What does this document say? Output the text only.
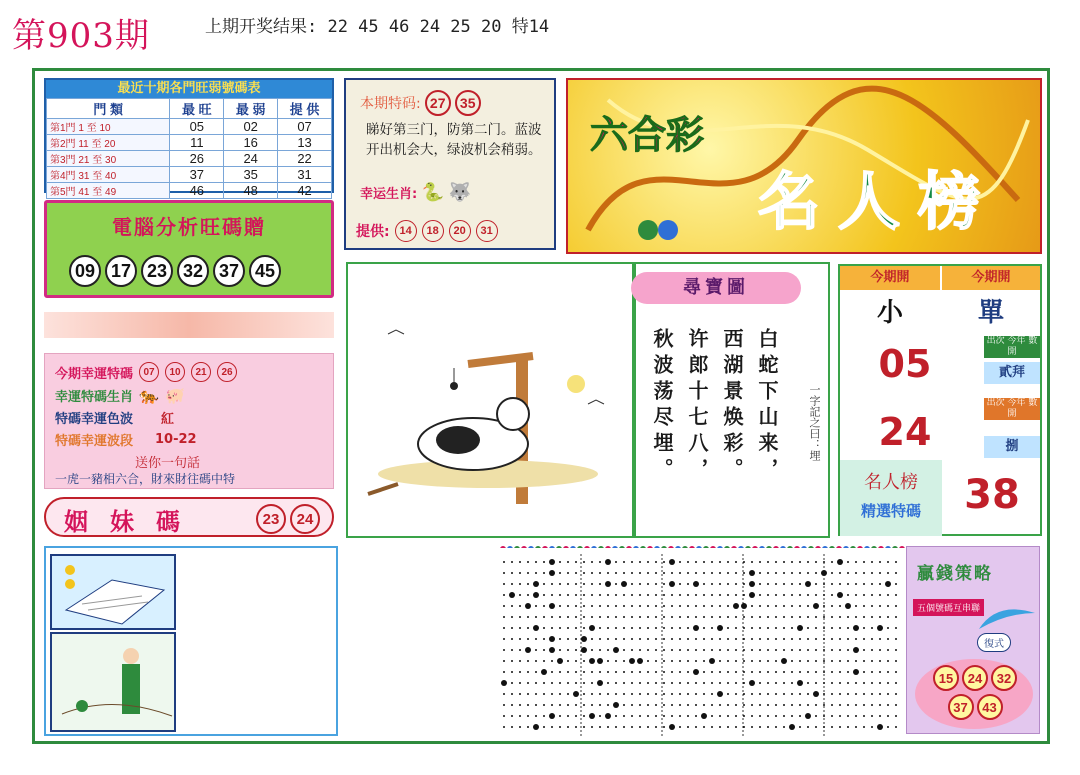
第903期	上期开奖结果: 22 45 46 24 25 20 特14
最近十期各門旺弱號碼表
門 類	最 旺	最 弱	提 供
第1門 1 至 10	05	02	07
第2門 11 至 20	11	16	13
第3門 21 至 30	26	24	22
第4門 31 至 40	37	35	31
第5門 41 至 49	46	48	42
電腦分析旺碼贈
09 17 23 32 37 45
今期幸運特碼	07	10	21	26
幸運特碼生肖 🐅 🐖
特碼幸運色波 紅
特碼幸運波段 10-22
送你一句話
一虎一豬相六合，財來財往碼中特
姻妹碼	23	24
本期特码: 27	35
睇好第三门，防第二门。蓝波开出机会大，绿波机会稍弱。
幸运生肖: 🐍 🐺
提供: 14	18	20	31
六合彩
名人榜
尋寶圖
白蛇下山来，
西湖景焕彩。
许郎十七八，
秋波荡尽埋。	一字記之曰：埋
今期開	今期開
小	單
05
出次 今年 數 開
貳拜
24
出次 今年 數 開
捌
名人榜
精選特碼	38
贏錢策略
五個號碼互串聯
復式
15	24	32
37	43
